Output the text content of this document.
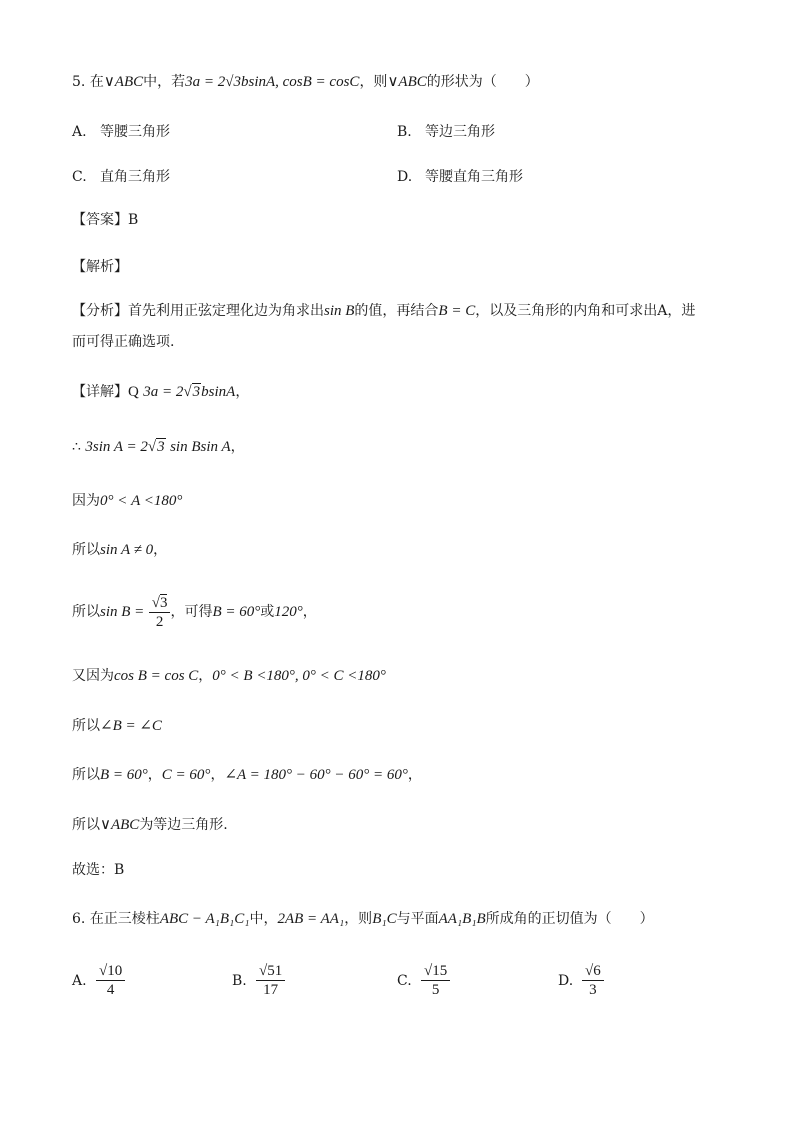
5. 在∨ABC中，若3a = 2√3bsinA, cosB = cosC，则∨ABC的形状为（　　）
A. 等腰三角形	B. 等边三角形
C. 直角三角形	D. 等腰直角三角形
【答案】B
【解析】
【分析】首先利用正弦定理化边为角求出sin B的值，再结合B = C，以及三角形的内角和可求出A，进
而可得正确选项.
【详解】Q 3a = 2√3bsinA，
∴ 3sin A = 2√3 sin Bsin A，
因为0° < A <180°
所以sin A ≠ 0，
所以$\sin B = \frac{√3}{2}$ ，可得B = 60°或120°，
又因为cos B = cos C，0° < B <180°, 0° < C <180°
所以∠B = ∠C
所以B = 60°，C = 60°，∠A = 180° − 60° − 60° = 60°，
所以∨ABC为等边三角形.
故选：B
6. 在正三棱柱ABC − A₁B₁C₁中，2AB = AA₁，则B₁C与平面AA₁B₁B所成角的正切值为（　　）
A. $\frac{√10}{4}$	B. $\frac{√51}{17}$	C. $\frac{√15}{5}$	D. $\frac{√6}{3}$
